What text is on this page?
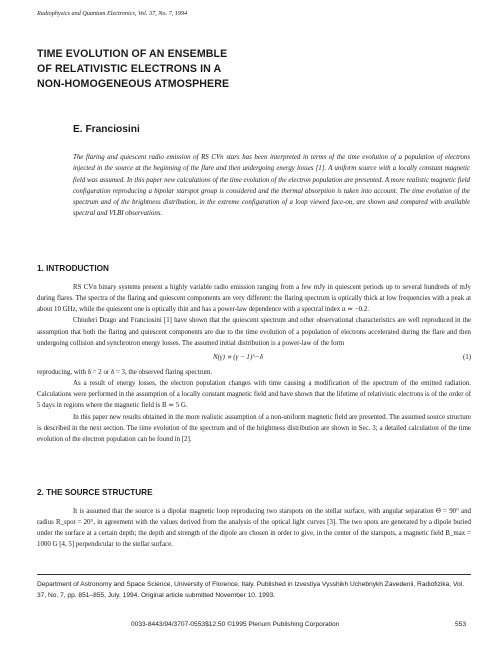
Radiophysics and Quantum Electronics, Vol. 37, No. 7, 1994
TIME EVOLUTION OF AN ENSEMBLE
OF RELATIVISTIC ELECTRONS IN A
NON-HOMOGENEOUS ATMOSPHERE
E. Franciosini
The flaring and quiescent radio emission of RS CVn stars has been interpreted in terms of the time evolution of a population of electrons injected in the source at the beginning of the flare and then undergoing energy losses [1]. A uniform source with a locally constant magnetic field was assumed. In this paper new calculations of the time evolution of the electron population are presented. A more realistic magnetic field configuration reproducing a bipolar starspot group is considered and the thermal absorption is taken into account. The time evolution of the spectrum and of the brightness distribution, in the extreme configuration of a loop viewed face-on, are shown and compared with available spectral and VLBI observations.
1. INTRODUCTION

RS CVn binary systems present a highly variable radio emission ranging from a few mJy in quiescent periods up to several hundreds of mJy during flares. The spectra of the flaring and quiescent components are very different: the flaring spectrum is optically thick at low frequencies with a peak at about 10 GHz, while the quiescent one is optically thin and has a power-law dependence with a spectral index α ≃ −0.2.

Chiuderi Drago and Franciosini [1] have shown that the quiescent spectrum and other observational characteristics are well reproduced in the assumption that both the flaring and quiescent components are due to the time evolution of a population of electrons accelerated during the flare and then undergoing collision and synchrotron energy losses. The assumed initial distribution is a power-law of the form

N(γ) ∝ (γ − 1)^−δ	(1)

reproducing, with δ = 2 or δ = 3, the observed flaring spectrum.

As a result of energy losses, the electron population changes with time causing a modification of the spectrum of the emitted radiation. Calculations were performed in the assumption of a locally constant magnetic field and have shown that the lifetime of relativistic electrons is of the order of 5 days in regions where the magnetic field is B ≃ 5 G.

In this paper new results obtained in the more realistic assumption of a non-uniform magnetic field are presented. The assumed source structure is described in the next section. The time evolution of the spectrum and of the brightness distribution are shown in Sec. 3; a detailed calculation of the time evolution of the electron population can be found in [2].

2. THE SOURCE STRUCTURE

It is assumed that the source is a dipolar magnetic loop reproducing two starspots on the stellar surface, with angular separation Θ = 90° and radius R_spot = 20°, in agreement with the values derived from the analysis of the optical light curves [3]. The two spots are generated by a dipole buried under the surface at a certain depth; the depth and strength of the dipole are chosen in order to give, in the center of the starspots, a magnetic field B_max = 1000 G [4, 5] perpendicular to the stellar surface.

Department of Astronomy and Space Science, University of Florence, Italy. Published in Izvestiya Vysshikh Uchebnykh Zavedenii, Radiofizika, Vol. 37, No. 7, pp. 851–855, July, 1994. Original article submitted November 10, 1993.
0033-8443/94/3707-0553$12.50 ©1995 Plenum Publishing Corporation	553
